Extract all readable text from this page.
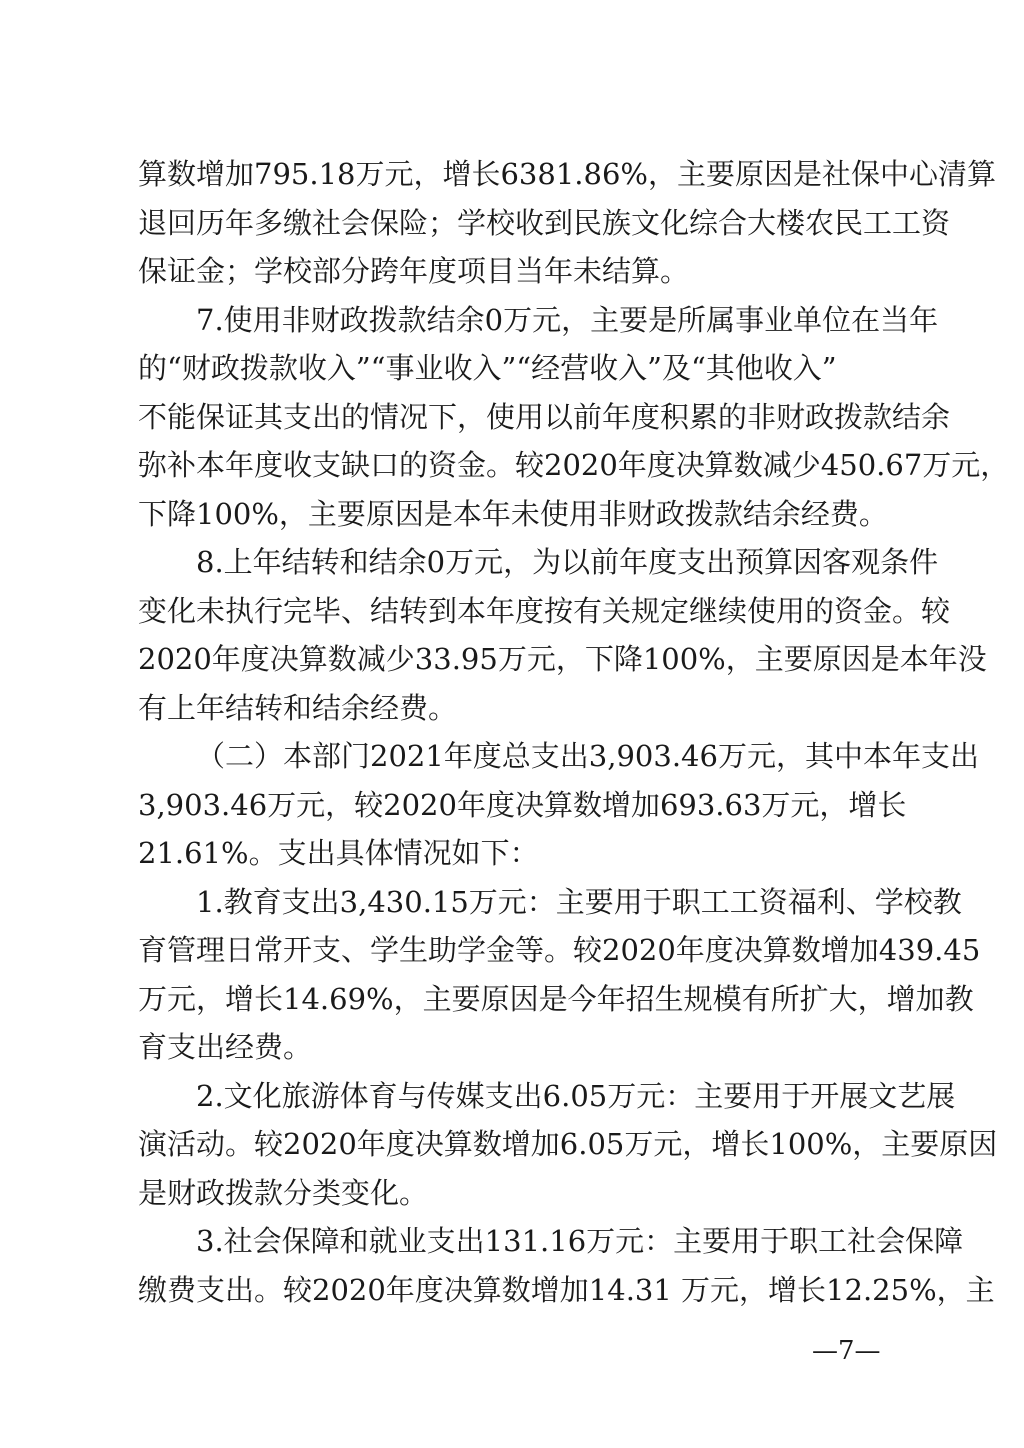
算数增加795.18万元，增长6381.86%，主要原因是社保中心清算
退回历年多缴社会保险；学校收到民族文化综合大楼农民工工资
保证金；学校部分跨年度项目当年未结算。

7.使用非财政拨款结余0万元，主要是所属事业单位在当年
的“财政拨款收入”“事业收入”“经营收入”及“其他收入”
不能保证其支出的情况下，使用以前年度积累的非财政拨款结余
弥补本年度收支缺口的资金。较2020年度决算数减少450.67万元，
下降100%，主要原因是本年未使用非财政拨款结余经费。

8.上年结转和结余0万元，为以前年度支出预算因客观条件
变化未执行完毕、结转到本年度按有关规定继续使用的资金。较
2020年度决算数减少33.95万元，下降100%，主要原因是本年没
有上年结转和结余经费。

（二）本部门2021年度总支出3,903.46万元，其中本年支出
3,903.46万元，较2020年度决算数增加693.63万元，增长
21.61%。支出具体情况如下：

1.教育支出3,430.15万元：主要用于职工工资福利、学校教
育管理日常开支、学生助学金等。较2020年度决算数增加439.45
万元，增长14.69%，主要原因是今年招生规模有所扩大，增加教
育支出经费。

2.文化旅游体育与传媒支出6.05万元：主要用于开展文艺展
演活动。较2020年度决算数增加6.05万元，增长100%，主要原因
是财政拨款分类变化。

3.社会保障和就业支出131.16万元：主要用于职工社会保障
缴费支出。较2020年度决算数增加14.31 万元，增长12.25%，主

—7—
